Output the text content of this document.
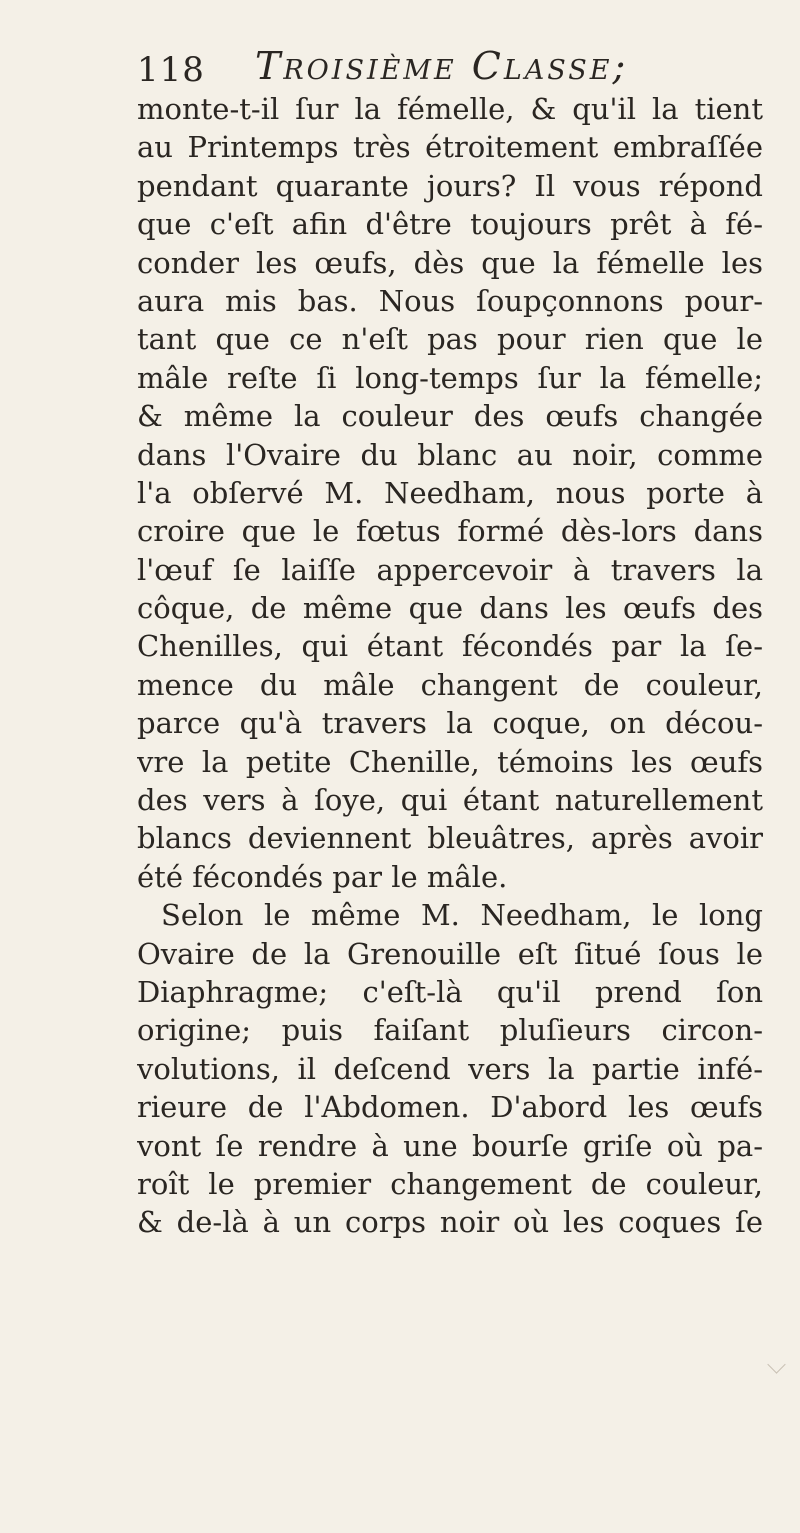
118 Troisième Classe;
monte-t-il ſur la fémelle, & qu'il la tient
au Printemps très étroitement embraſſée
pendant quarante jours? Il vous répond
que c'eſt afin d'être toujours prêt à fé-
conder les œufs, dès que la fémelle les
aura mis bas. Nous ſoupçonnons pour-
tant que ce n'eſt pas pour rien que le
mâle reſte ſi long-temps ſur la fémelle;
& même la couleur des œufs changée
dans l'Ovaire du blanc au noir, comme
l'a obſervé M. Needham, nous porte à
croire que le fœtus formé dès-lors dans
l'œuf ſe laiſſe appercevoir à travers la
côque, de même que dans les œufs des
Chenilles, qui étant fécondés par la ſe-
mence du mâle changent de couleur,
parce qu'à travers la coque, on décou-
vre la petite Chenille, témoins les œufs
des vers à ſoye, qui étant naturellement
blancs deviennent bleuâtres, après avoir
été fécondés par le mâle.
Selon le même M. Needham, le long
Ovaire de la Grenouille eſt ſitué ſous le
Diaphragme; c'eſt-là qu'il prend ſon
origine; puis faiſant pluſieurs circon-
volutions, il deſcend vers la partie infé-
rieure de l'Abdomen. D'abord les œufs
vont ſe rendre à une bourſe griſe où pa-
roît le premier changement de couleur,
& de-là à un corps noir où les coques ſe
